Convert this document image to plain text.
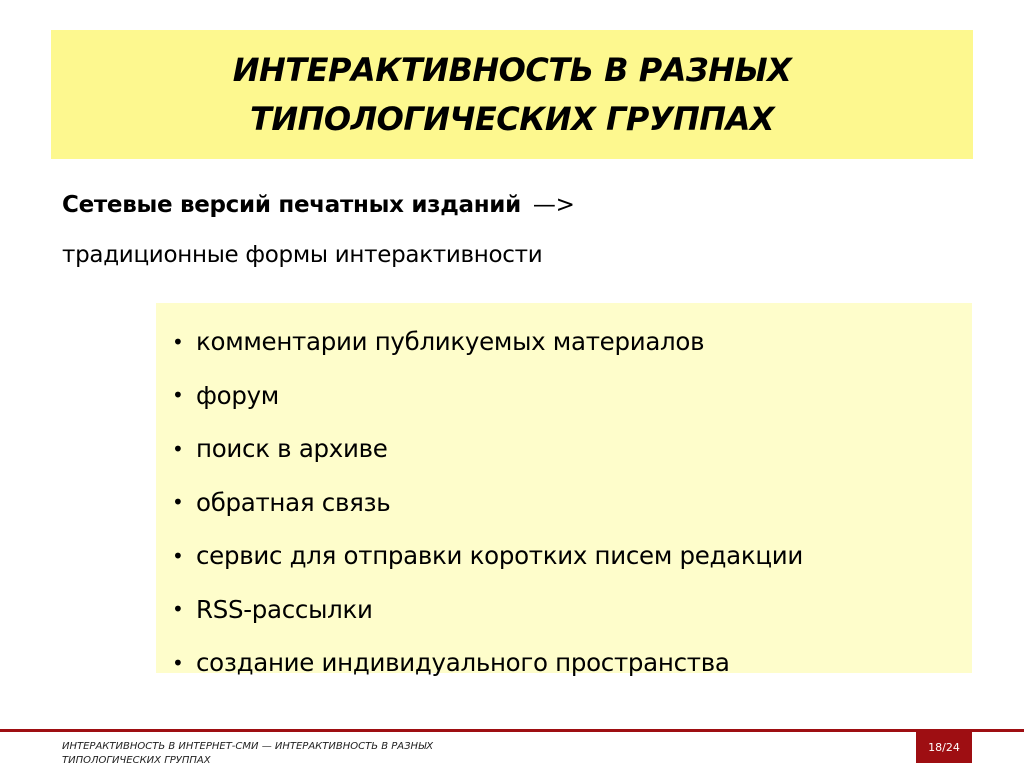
ИНТЕРАКТИВНОСТЬ В РАЗНЫХ
ТИПОЛОГИЧЕСКИХ ГРУППАХ
Сетевые версий печатных изданий —>
традиционные формы интерактивности
• комментарии публикуемых материалов
• форум
• поиск в архиве
• обратная связь
• сервис для отправки коротких писем редакции
• RSS-рассылки
• создание индивидуального пространства
ИНТЕРАКТИВНОСТЬ В ИНТЕРНЕТ-СМИ — ИНТЕРАКТИВНОСТЬ В РАЗНЫХ ТИПОЛОГИЧЕСКИХ ГРУППАХ
18/24
